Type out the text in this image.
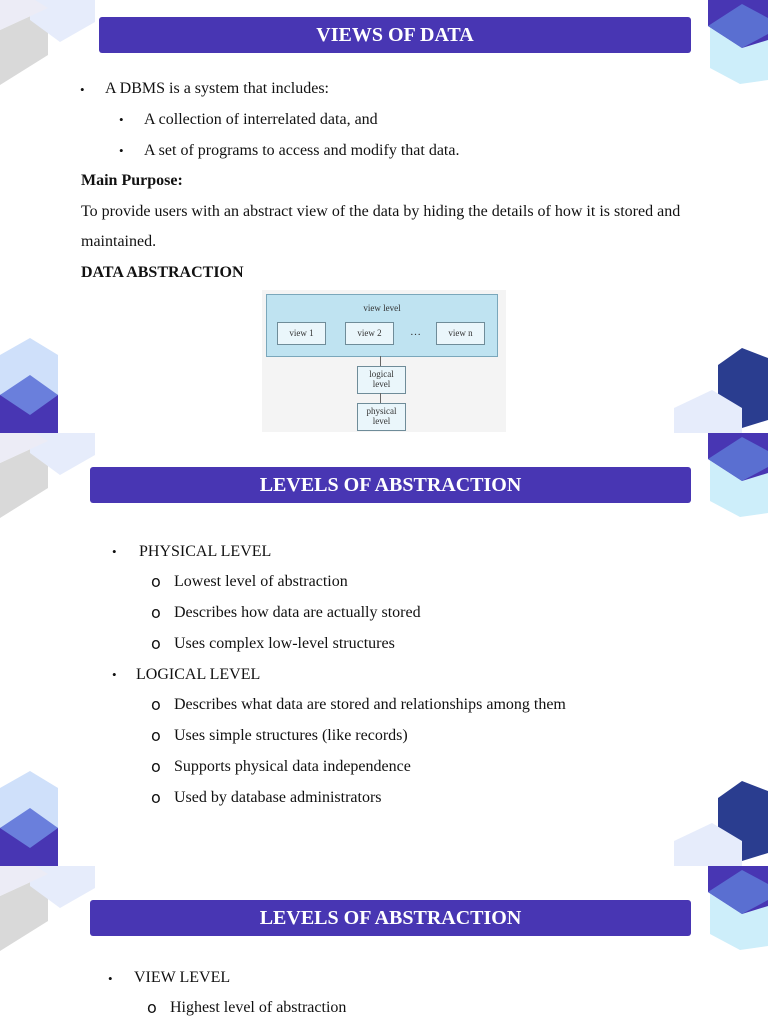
VIEWS OF DATA
• A DBMS is a system that includes:
• A collection of interrelated data, and
• A set of programs to access and modify that data.
Main Purpose:
To provide users with an abstract view of the data by hiding the details of how it is stored and maintained.
DATA ABSTRACTION
view level
view 1	view 2	…	view n
logical
level
physical
level
LEVELS OF ABSTRACTION
• PHYSICAL LEVEL
o Lowest level of abstraction
o Describes how data are actually stored
o Uses complex low-level structures
• LOGICAL LEVEL
o Describes what data are stored and relationships among them
o Uses simple structures (like records)
o Supports physical data independence
o Used by database administrators
LEVELS OF ABSTRACTION
• VIEW LEVEL
o Highest level of abstraction
